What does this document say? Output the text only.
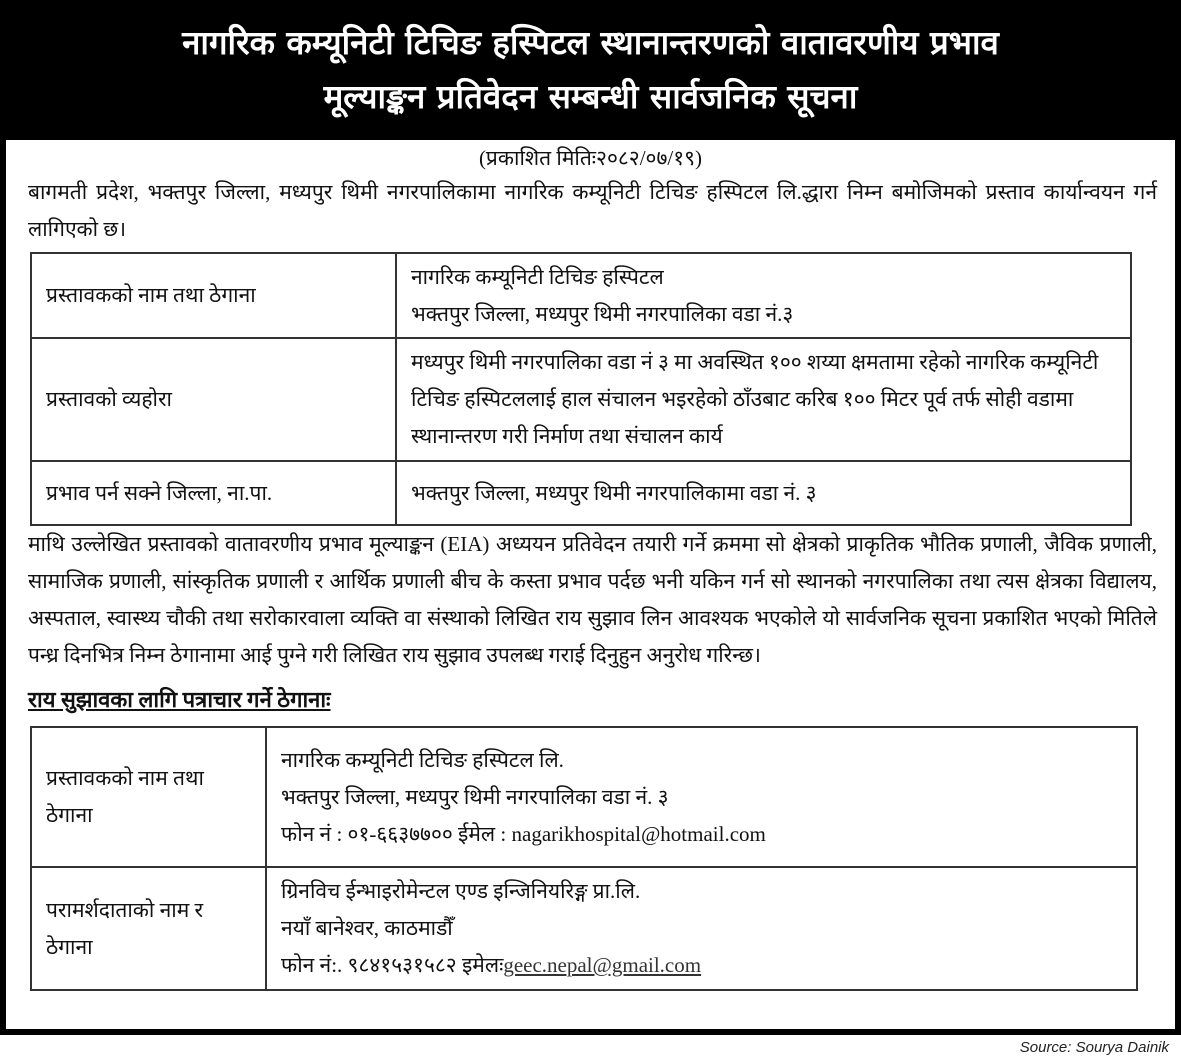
नागरिक कम्यूनिटी टिचिङ हस्पिटल स्थानान्तरणको वातावरणीय प्रभाव
मूल्याङ्कन प्रतिवेदन सम्बन्धी सार्वजनिक सूचना
(प्रकाशित मितिः२०८२/०७/१९)
बागमती प्रदेश, भक्तपुर जिल्ला, मध्यपुर थिमी नगरपालिकामा नागरिक कम्यूनिटी टिचिङ हस्पिटल लि.द्धारा निम्न बमोजिमको प्रस्ताव कार्यान्वयन गर्न लागिएको छ।
प्रस्तावकको नाम तथा ठेगाना	नागरिक कम्यूनिटी टिचिङ हस्पिटल
भक्तपुर जिल्ला, मध्यपुर थिमी नगरपालिका वडा नं.३

प्रस्तावको व्यहोरा	मध्यपुर थिमी नगरपालिका वडा नं ३ मा अवस्थित १०० शय्या क्षमतामा रहेको नागरिक कम्यूनिटी टिचिङ हस्पिटललाई हाल संचालन भइरहेको ठाँउबाट करिब १०० मिटर पूर्व तर्फ सोही वडामा स्थानान्तरण गरी निर्माण तथा संचालन कार्य
प्रभाव पर्न सक्ने जिल्ला, ना.पा.	भक्तपुर जिल्ला, मध्यपुर थिमी नगरपालिकामा वडा नं. ३
माथि उल्लेखित प्रस्तावको वातावरणीय प्रभाव मूल्याङ्कन (EIA) अध्ययन प्रतिवेदन तयारी गर्ने क्रममा सो क्षेत्रको प्राकृतिक भौतिक प्रणाली, जैविक प्रणाली, सामाजिक प्रणाली, सांस्कृतिक प्रणाली र आर्थिक प्रणाली बीच के कस्ता प्रभाव पर्दछ भनी यकिन गर्न सो स्थानको नगरपालिका तथा त्यस क्षेत्रका विद्यालय, अस्पताल, स्वास्थ्य चौकी तथा सरोकारवाला व्यक्ति वा संस्थाको लिखित राय सुझाव लिन आवश्यक भएकोले यो सार्वजनिक सूचना प्रकाशित भएको मितिले पन्ध्र दिनभित्र निम्न ठेगानामा आई पुग्ने गरी लिखित राय सुझाव उपलब्ध गराई दिनुहुन अनुरोध गरिन्छ।
राय सुझावका लागि पत्राचार गर्ने ठेगानाः
प्रस्तावकको नाम तथा ठेगाना	नागरिक कम्यूनिटी टिचिङ हस्पिटल लि.
भक्तपुर जिल्ला, मध्यपुर थिमी नगरपालिका वडा नं. ३
फोन नं : ०१-६६३७७०० ईमेल : nagarikhospital@hotmail.com

परामर्शदाताको नाम र ठेगाना	ग्रिनविच ईन्भाइरोमेन्टल एण्ड इन्जिनियरिङ्ग प्रा.लि.
नयाँ बानेश्वर, काठमाडौँ
फोन नं:. ९८४१५३१५८२ इमेलःgeec.nepal@gmail.com
Source: Sourya Dainik
